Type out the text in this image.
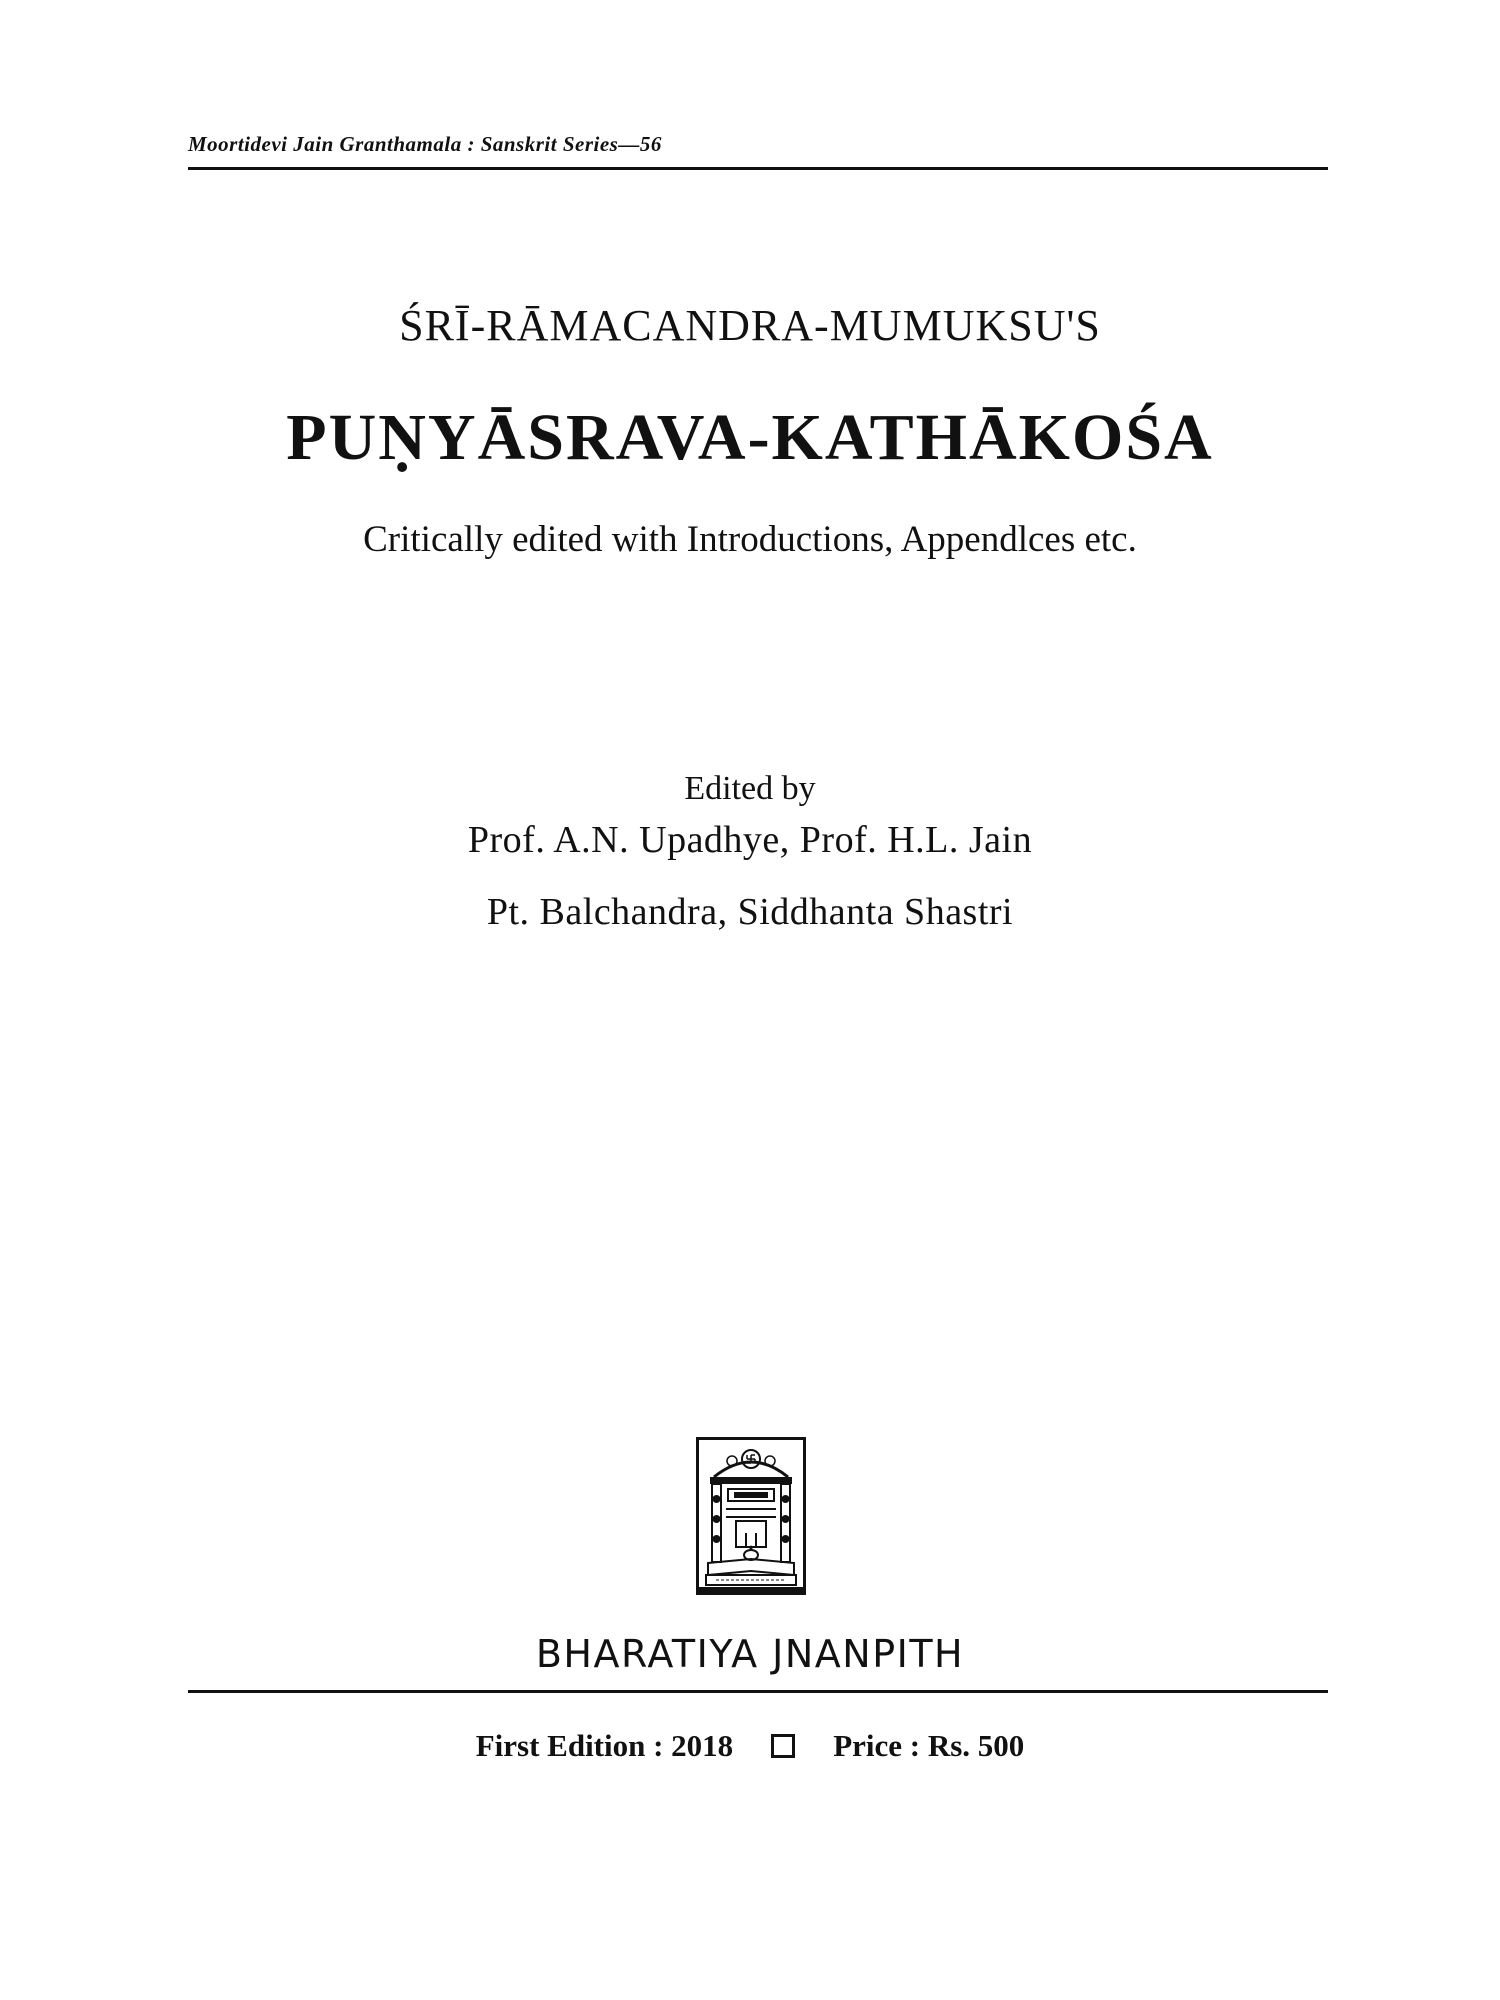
Moortidevi Jain Granthamala : Sanskrit Series—56
ŚRĪ-RĀMACANDRA-MUMUKSU'S
PUṆYĀSRAVA-KATHĀKOŚA
Critically edited with Introductions, Appendlces etc.
Edited by
Prof. A.N. Upadhye, Prof. H.L. Jain
Pt. Balchandra, Siddhanta Shastri
BHARATIYA JNANPITH
First Edition : 2018	Price : Rs. 500
